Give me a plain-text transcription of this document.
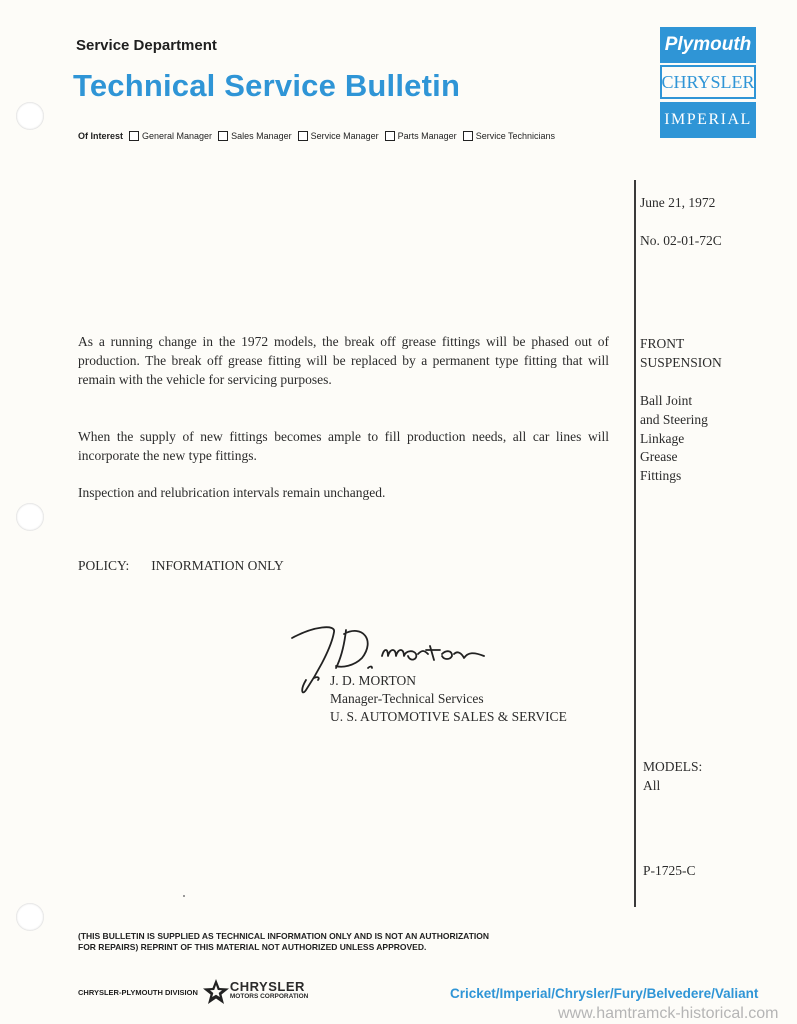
Service Department
Technical Service Bulletin
Of Interest General Manager Sales Manager Service Manager Parts Manager Service Technicians
Plymouth
CHRYSLER
IMPERIAL
June 21, 1972
No. 02-01-72C
FRONT
SUSPENSION
Ball Joint
and Steering
Linkage
Grease
Fittings
MODELS:
All
P-1725-C
As a running change in the 1972 models, the break off grease fittings will be phased out of production. The break off grease fitting will be replaced by a permanent type fitting that will remain with the vehicle for servicing purposes.
When the supply of new fittings becomes ample to fill production needs, all car lines will incorporate the new type fittings.
Inspection and relubrication intervals remain unchanged.
POLICY: INFORMATION ONLY
J. D. MORTON
Manager-Technical Services
U. S. AUTOMOTIVE SALES & SERVICE
(THIS BULLETIN IS SUPPLIED AS TECHNICAL INFORMATION ONLY AND IS NOT AN AUTHORIZATION
FOR REPAIRS) REPRINT OF THIS MATERIAL NOT AUTHORIZED UNLESS APPROVED.
CHRYSLER-PLYMOUTH DIVISION CHRYSLER
MOTORS CORPORATION	Cricket/Imperial/Chrysler/Fury/Belvedere/Valiant
www.hamtramck-historical.com
